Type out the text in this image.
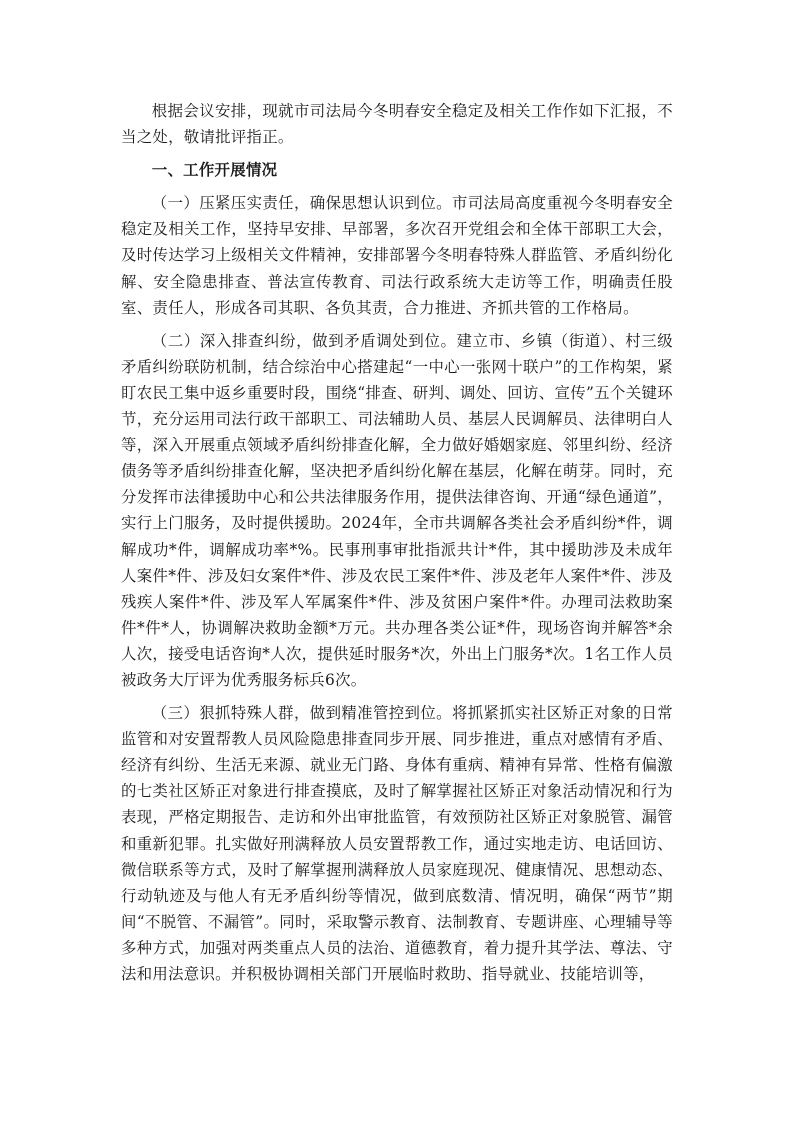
根据会议安排，现就市司法局今冬明春安全稳定及相关工作作如下汇报，不当之处，敬请批评指正。

一、工作开展情况

（一）压紧压实责任，确保思想认识到位。市司法局高度重视今冬明春安全稳定及相关工作，坚持早安排、早部署，多次召开党组会和全体干部职工大会，及时传达学习上级相关文件精神，安排部署今冬明春特殊人群监管、矛盾纠纷化解、安全隐患排查、普法宣传教育、司法行政系统大走访等工作，明确责任股室、责任人，形成各司其职、各负其责，合力推进、齐抓共管的工作格局。

（二）深入排查纠纷，做到矛盾调处到位。建立市、乡镇（街道）、村三级矛盾纠纷联防机制，结合综治中心搭建起“一中心一张网十联户”的工作构架，紧盯农民工集中返乡重要时段，围绕“排查、研判、调处、回访、宣传”五个关键环节，充分运用司法行政干部职工、司法辅助人员、基层人民调解员、法律明白人等，深入开展重点领域矛盾纠纷排查化解，全力做好婚姻家庭、邻里纠纷、经济债务等矛盾纠纷排查化解，坚决把矛盾纠纷化解在基层，化解在萌芽。同时，充分发挥市法律援助中心和公共法律服务作用，提供法律咨询、开通“绿色通道”，实行上门服务，及时提供援助。2024年，全市共调解各类社会矛盾纠纷*件，调解成功*件，调解成功率*%。民事刑事审批指派共计*件，其中援助涉及未成年人案件*件、涉及妇女案件*件、涉及农民工案件*件、涉及老年人案件*件、涉及残疾人案件*件、涉及军人军属案件*件、涉及贫困户案件*件。办理司法救助案件*件*人，协调解决救助金额*万元。共办理各类公证*件，现场咨询并解答*余人次，接受电话咨询*人次，提供延时服务*次，外出上门服务*次。1名工作人员被政务大厅评为优秀服务标兵6次。

（三）狠抓特殊人群，做到精准管控到位。将抓紧抓实社区矫正对象的日常监管和对安置帮教人员风险隐患排查同步开展、同步推进，重点对感情有矛盾、经济有纠纷、生活无来源、就业无门路、身体有重病、精神有异常、性格有偏激的七类社区矫正对象进行排查摸底，及时了解掌握社区矫正对象活动情况和行为表现，严格定期报告、走访和外出审批监管，有效预防社区矫正对象脱管、漏管和重新犯罪。扎实做好刑满释放人员安置帮教工作，通过实地走访、电话回访、微信联系等方式，及时了解掌握刑满释放人员家庭现况、健康情况、思想动态、行动轨迹及与他人有无矛盾纠纷等情况，做到底数清、情况明，确保“两节”期间“不脱管、不漏管”。同时，采取警示教育、法制教育、专题讲座、心理辅导等多种方式，加强对两类重点人员的法治、道德教育，着力提升其学法、尊法、守法和用法意识。并积极协调相关部门开展临时救助、指导就业、技能培训等，
